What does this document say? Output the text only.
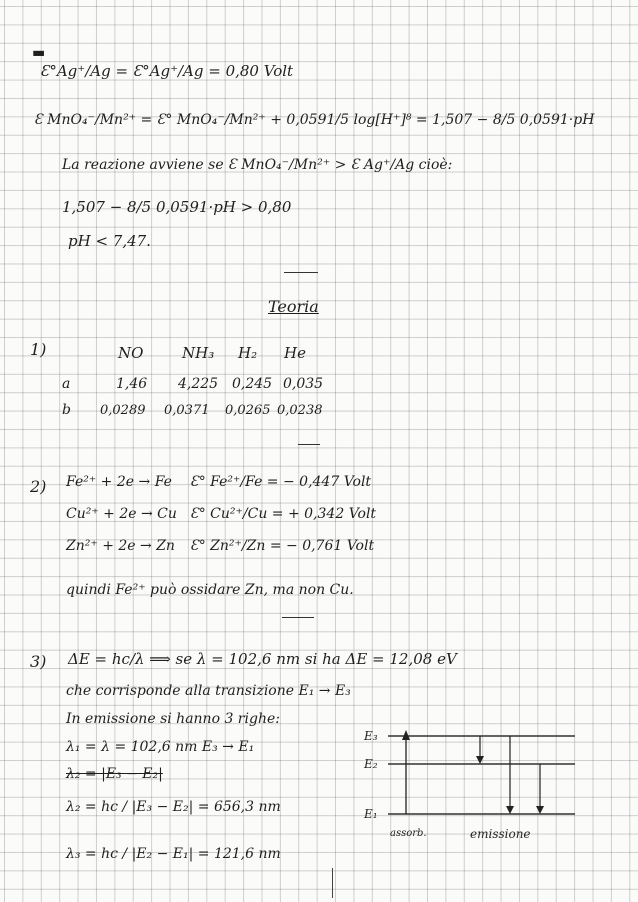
▬
Ɛ°Ag⁺/Ag = Ɛ°Ag⁺/Ag = 0,80 Volt
Ɛ MnO₄⁻/Mn²⁺ = Ɛ° MnO₄⁻/Mn²⁺ + 0,0591/5 log[H⁺]⁸ = 1,507 − 8/5 0,0591·pH
La reazione avviene se Ɛ MnO₄⁻/Mn²⁺ > Ɛ Ag⁺/Ag cioè:
1,507 − 8/5 0,0591·pH > 0,80
pH < 7,47.
Teoria
1)	NO	NH₃ H₂ He
a	1,46 4,225 0,245 0,035
b 0,0289 0,0371 0,0265 0,0238
2) Fe²⁺ + 2e → Fe Ɛ° Fe²⁺/Fe = − 0,447 Volt
Cu²⁺ + 2e → Cu Ɛ° Cu²⁺/Cu = + 0,342 Volt
Zn²⁺ + 2e → Zn Ɛ° Zn²⁺/Zn = − 0,761 Volt
quindi Fe²⁺ può ossidare Zn, ma non Cu.
3) ΔE = hc/λ ⟹ se λ = 102,6 nm si ha ΔE = 12,08 eV
che corrisponde alla transizione E₁ → E₃
In emissione si hanno 3 righe:
λ₁ = λ = 102,6 nm E₃ → E₁
λ₂ = |E₃ − E₂|
λ₂ = hc / |E₃ − E₂| = 656,3 nm
λ₃ = hc / |E₂ − E₁| = 121,6 nm
E₃
E₂
E₁
assorb.	emissione
